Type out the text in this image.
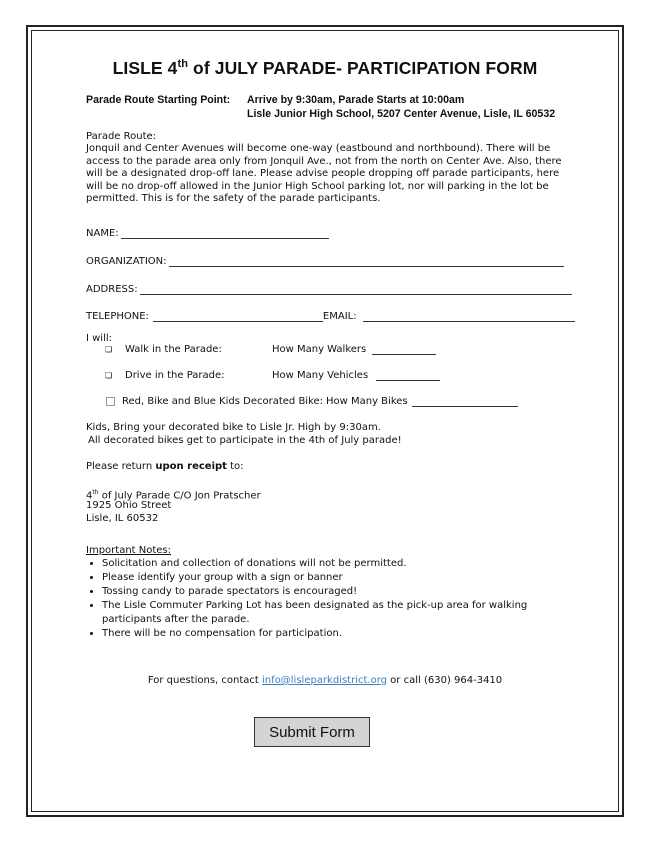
LISLE 4th of JULY PARADE- PARTICIPATION FORM
Parade Route Starting Point: Arrive by 9:30am, Parade Starts at 10:00am
Lisle Junior High School, 5207 Center Avenue, Lisle, IL 60532
Parade Route:
Jonquil and Center Avenues will become one-way (eastbound and northbound). There will be access to the parade area only from Jonquil Ave., not from the north on Center Ave. Also, there will be a designated drop-off lane. Please advise people dropping off parade participants, here will be no drop-off allowed in the Junior High School parking lot, nor will parking in the lot be permitted. This is for the safety of the parade participants.
NAME:
ORGANIZATION:
ADDRESS:
TELEPHONE:	EMAIL:
I will:
❏ Walk in the Parade:	How Many Walkers
❏ Drive in the Parade:	How Many Vehicles
Red, Bike and Blue Kids Decorated Bike: How Many Bikes
Kids, Bring your decorated bike to Lisle Jr. High by 9:30am.
All decorated bikes get to participate in the 4th of July parade!
Please return upon receipt to:
4th of July Parade C/O Jon Pratscher
1925 Ohio Street
Lisle, IL 60532
Important Notes:
• Solicitation and collection of donations will not be permitted.
• Please identify your group with a sign or banner
• Tossing candy to parade spectators is encouraged!
• The Lisle Commuter Parking Lot has been designated as the pick-up area for walking participants after the parade.
• There will be no compensation for participation.
For questions, contact info@lisleparkdistrict.org or call (630) 964-3410
Submit Form
